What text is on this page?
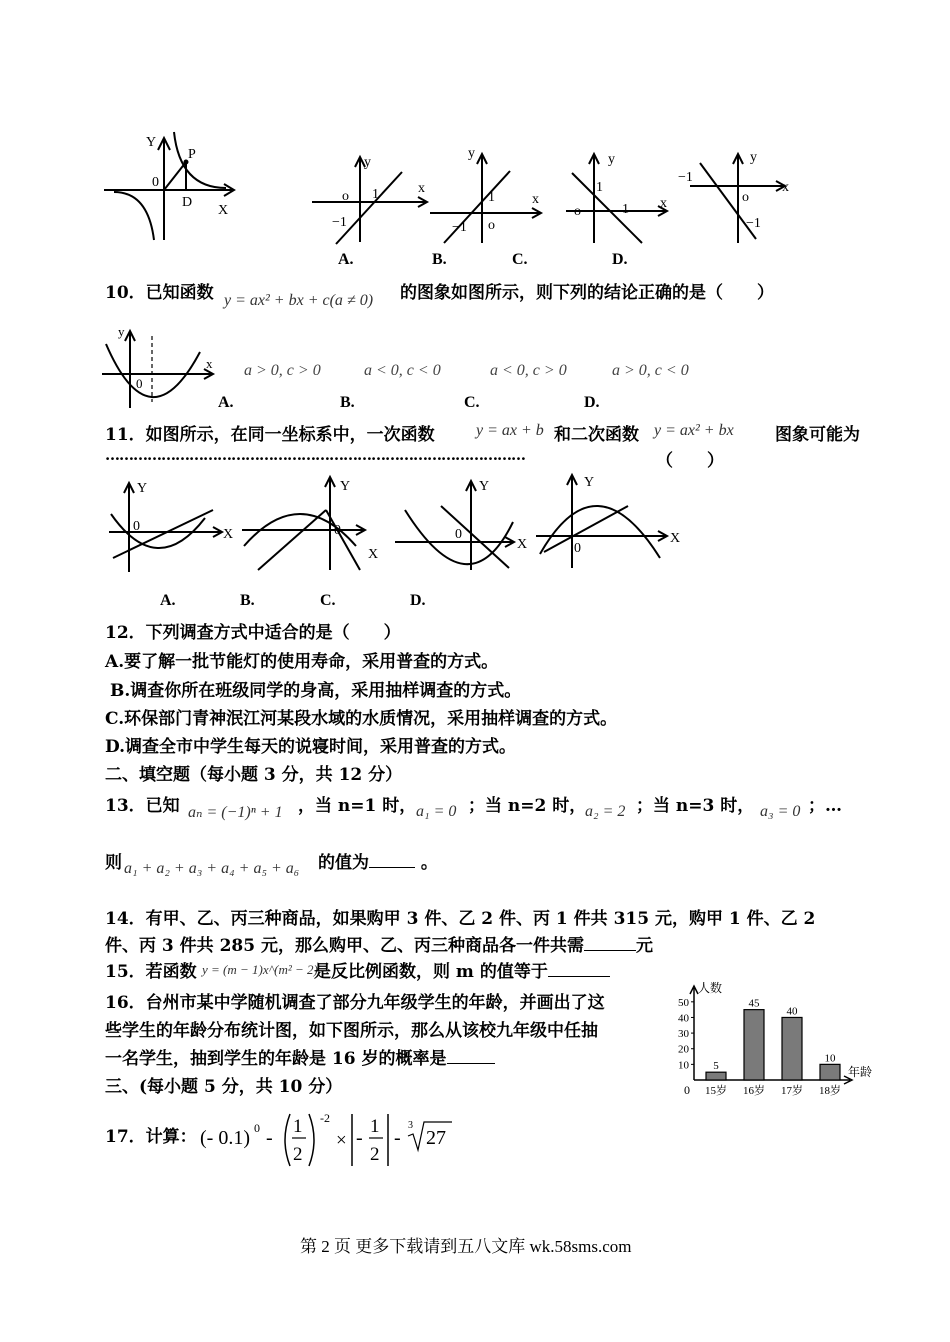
Y
0
P
D
X
y
o 1
−1
x
y
1
−1 o
x
y
1
o	1 x
y
−1
o
−1
x
A.	B.	C.	D.
10．已知函数 y = ax² + bx + c(a ≠ 0) 的图象如图所示，则下列的结论正确的是（　　）
y
0
x a > 0, c > 0	a < 0, c < 0	a < 0, c > 0	a > 0, c < 0
A.	B.	C.	D.
11．如图所示，在同一坐标系中，一次函数	y = ax + b 和二次函数 y = ax² + bx 图象可能为
………………………………………………………………………………	（　　）
Y
0
X
Y
0
X
Y
0
X
Y
0
X
A.	B.	C.	D.
12．下列调查方式中适合的是（　　）
A.要了解一批节能灯的使用寿命，采用普查的方式。
B.调查你所在班级同学的身高，采用抽样调查的方式。
C.环保部门青神泯江河某段水域的水质情况，采用抽样调查的方式。
D.调查全市中学生每天的说寝时间，采用普查的方式。
二、填空题（每小题 3 分，共 12 分）
13．已知 aₙ = (−1)ⁿ + 1 ，当 n=1 时， a₁ = 0 ；当 n=2 时，
a₂ = 2 ；当 n=3 时， a₃ = 0 ；…
则 a₁ + a₂ + a₃ + a₄ + a₅ + a₆ 的值为	。
14．有甲、乙、丙三种商品，如果购甲 3 件、乙 2 件、丙 1 件共 315 元，购甲 1 件、乙 2
件、丙 3 件共 285 元，那么购甲、乙、丙三种商品各一件共需	元
15．若函数 y = (m − 1)x^(m² − 2)
是反比例函数，则 m 的值等于
16．台州市某中学随机调查了部分九年级学生的年龄，并画出了这
些学生的年龄分布统计图，如下图所示，那么从该校九年级中任抽
一名学生，抽到学生的年龄是 16 岁的概率是
人数
年龄
0
10
20
30
40
50
5
15岁
45
16岁
40
17岁
10
18岁
三、(每小题 5 分，共 10 分）
17．计算： (- 0.1) 0 -
1
2
-2
× -
1
2
-
3
27
第 2 页 更多下载请到五八文库 wk.58sms.com
